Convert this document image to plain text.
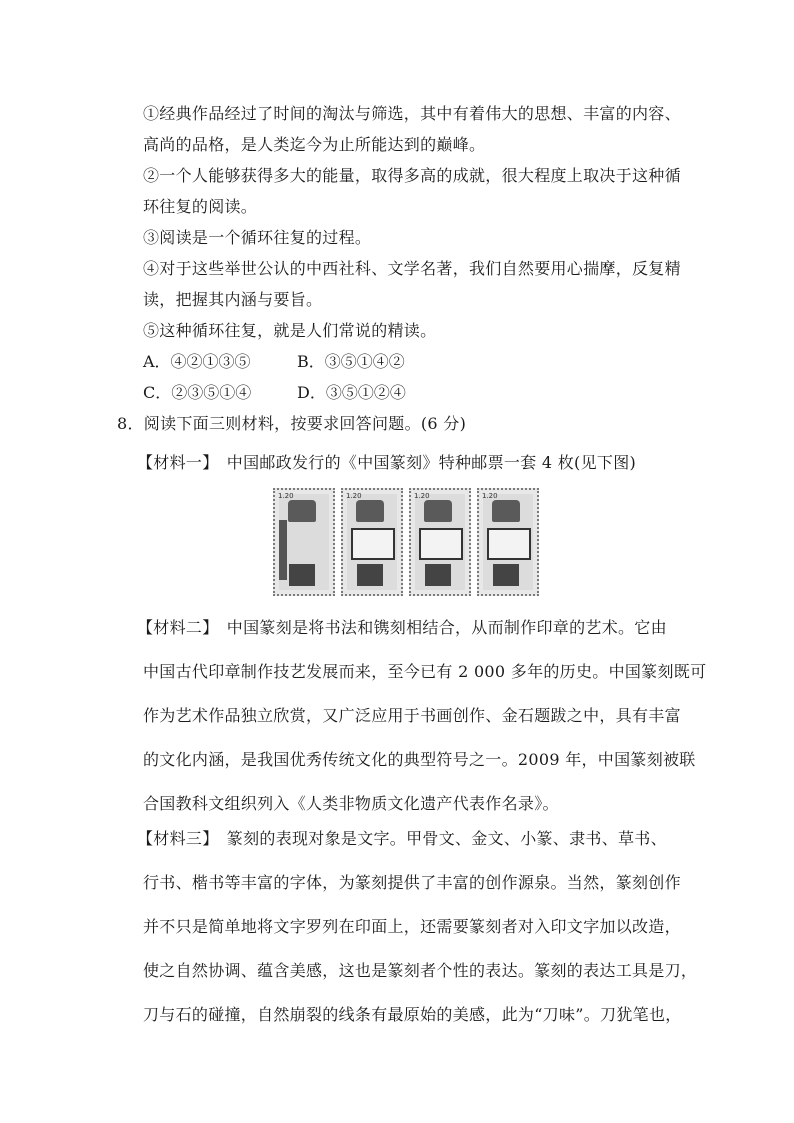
①经典作品经过了时间的淘汰与筛选，其中有着伟大的思想、丰富的内容、
高尚的品格，是人类迄今为止所能达到的巅峰。
②一个人能够获得多大的能量，取得多高的成就，很大程度上取决于这种循
环往复的阅读。
③阅读是一个循环往复的过程。
④对于这些举世公认的中西社科、文学名著，我们自然要用心揣摩，反复精
读，把握其内涵与要旨。
⑤这种循环往复，就是人们常说的精读。
A．④②①③⑤	B．③⑤①④②
C．②③⑤①④	D．③⑤①②④
8．阅读下面三则材料，按要求回答问题。(6 分)
【材料一】　中国邮政发行的《中国篆刻》特种邮票一套 4 枚(见下图)
1.20	1.20	1.20	1.20
【材料二】　中国篆刻是将书法和镌刻相结合，从而制作印章的艺术。它由
中国古代印章制作技艺发展而来，至今已有 2 000 多年的历史。中国篆刻既可
作为艺术作品独立欣赏，又广泛应用于书画创作、金石题跋之中，具有丰富
的文化内涵，是我国优秀传统文化的典型符号之一。2009 年，中国篆刻被联
合国教科文组织列入《人类非物质文化遗产代表作名录》。
【材料三】　篆刻的表现对象是文字。甲骨文、金文、小篆、隶书、草书、
行书、楷书等丰富的字体，为篆刻提供了丰富的创作源泉。当然，篆刻创作
并不只是简单地将文字罗列在印面上，还需要篆刻者对入印文字加以改造，
使之自然协调、蕴含美感，这也是篆刻者个性的表达。篆刻的表达工具是刀，
刀与石的碰撞，自然崩裂的线条有最原始的美感，此为“刀味”。刀犹笔也，
